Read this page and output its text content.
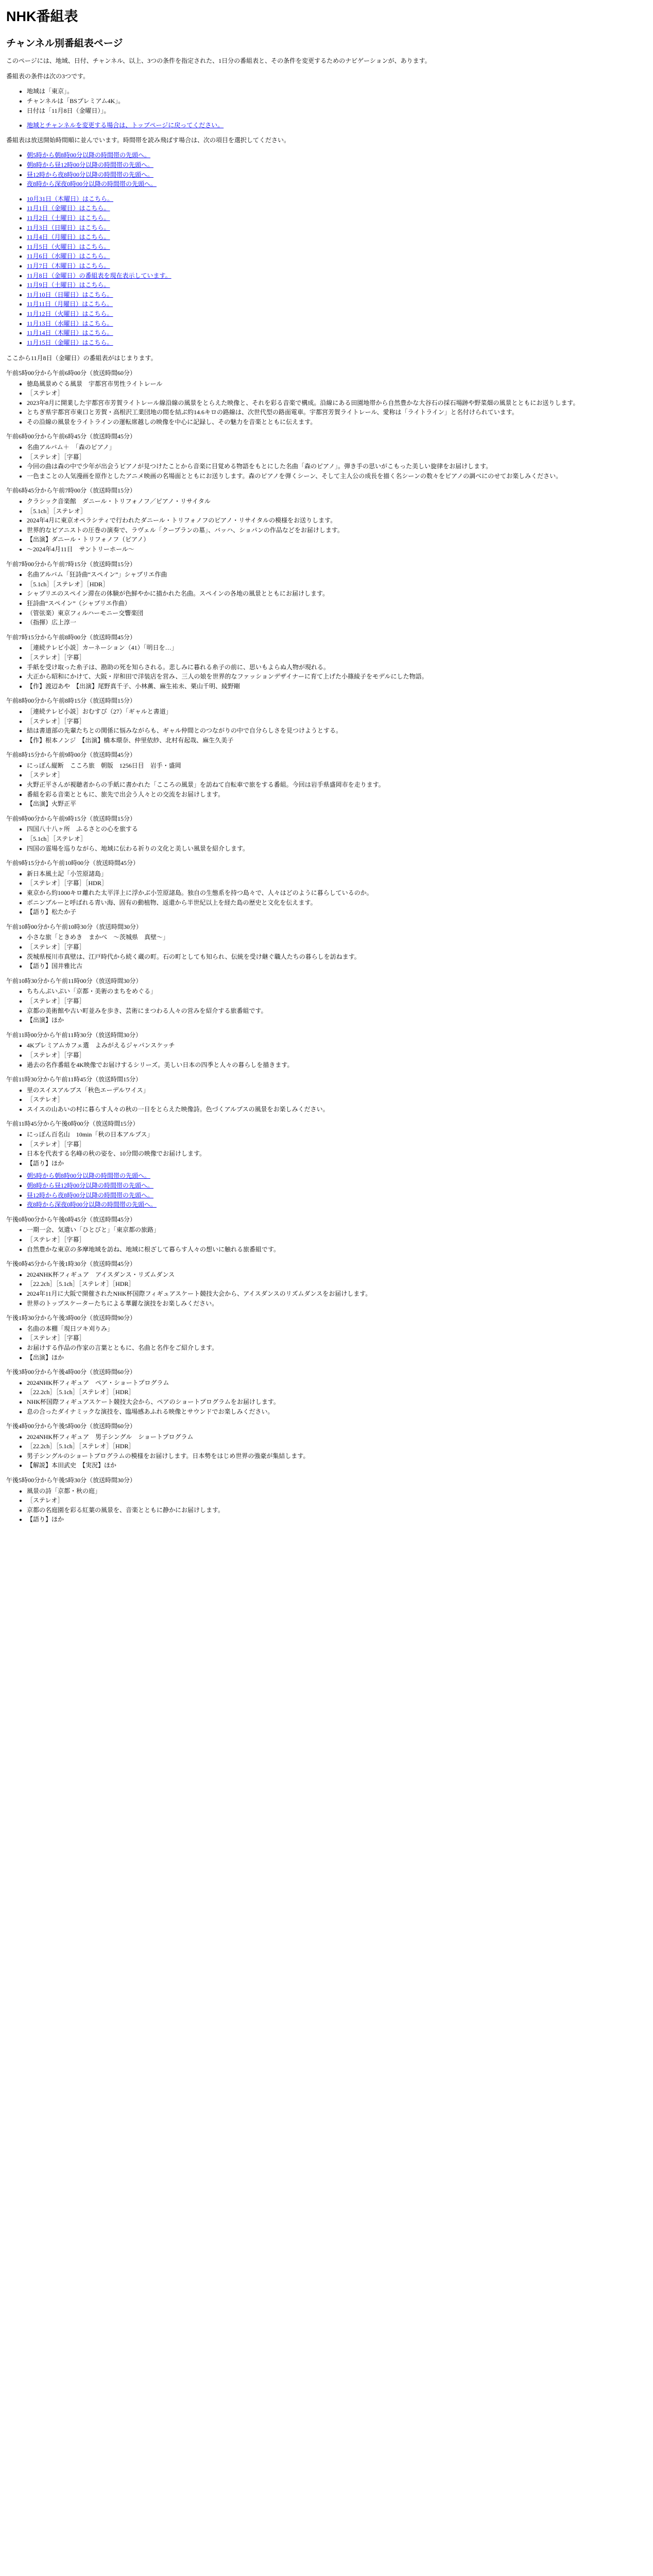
NHK番組表
チャンネル別番組表ページ

このページには、地域、日付、チャンネル、以上、3つの条件を指定された、1日分の番組表と、その条件を変更するためのナビゲーションが、あります。

番組表の条件は次の3つです。

• 地域は「東京」。
• チャンネルは「BSプレミアム4K」。
• 日付は「11月8日（金曜日）」。
• 地域とチャンネルを変更する場合は、トップページに戻ってください。

番組表は放送開始時間順に並んでいます。時間帯を読み飛ばす場合は、次の項目を選択してください。

• 朝5時から朝8時00分以降の時間帯の先頭へ。
• 朝8時から昼12時00分以降の時間帯の先頭へ。
• 昼12時から夜8時00分以降の時間帯の先頭へ。
• 夜8時から深夜0時00分以降の時間帯の先頭へ。
• 10月31日（木曜日）はこちら。
• 11月1日（金曜日）はこちら。
• 11月2日（土曜日）はこちら。
• 11月3日（日曜日）はこちら。
• 11月4日（月曜日）はこちら。
• 11月5日（火曜日）はこちら。
• 11月6日（水曜日）はこちら。
• 11月7日（木曜日）はこちら。
• 11月8日（金曜日）の番組表を現在表示しています。
• 11月9日（土曜日）はこちら。
• 11月10日（日曜日）はこちら。
• 11月11日（月曜日）はこちら。
• 11月12日（火曜日）はこちら。
• 11月13日（水曜日）はこちら。
• 11月14日（木曜日）はこちら。
• 11月15日（金曜日）はこちら。

ここから11月8日（金曜日）の番組表がはじまります。

午前5時00分から午前6時00分（放送時間60分）

• 徳島風景めぐる風景　宇都宮市男性ライトレール
• ［ステレオ］
• 2023年8月に開業した宇都宮市芳賀ライトレール線沿線の風景をとらえた映像と、それを彩る音楽で構成。沿線にある田園地帯から自然豊かな大谷石の採石場跡や野菜畑の風景とともにお送りします。
• とちぎ県宇都宮市東口と芳賀・高根沢工業団地の間を結ぶ約14.6キロの路線は、次世代型の路面電車。宇都宮芳賀ライトレール、愛称は「ライトライン」と名付けられています。
• その沿線の風景をライトラインの運転席越しの映像を中心に記録し、その魅力を音楽とともに伝えます。

午前6時00分から午前6時45分（放送時間45分）

• 名曲アルバム＋　「森のピアノ」
• ［ステレオ］［字幕］
• 今回の曲は森の中で少年が出会うピアノが見つけたことから音楽に目覚める物語をもとにした名曲「森のピアノ」。弾き手の思いがこもった美しい旋律をお届けします。
• 一色まことの人気漫画を原作としたアニメ映画の名場面とともにお送りします。森のピアノを弾くシーン、そして主人公の成長を描く名シーンの数々をピアノの調べにのせてお楽しみください。

午前6時45分から午前7時00分（放送時間15分）

• クラシック音楽館　ダニール・トリフォノフ／ピアノ・リサイタル
• ［5.1ch］［ステレオ］
• 2024年4月に東京オペラシティで行われたダニール・トリフォノフのピアノ・リサイタルの模様をお送りします。
• 世界的なピアニストの圧巻の演奏で、ラヴェル「クープランの墓」、バッハ、ショパンの作品などをお届けします。
• 【出演】ダニール・トリフォノフ（ピアノ）
• 〜2024年4月11日　サントリーホール〜

午前7時00分から午前7時15分（放送時間15分）

• 名曲アルバム「狂詩曲“スペイン”」シャブリエ作曲
• ［5.1ch］［ステレオ］［HDR］
• シャブリエのスペイン滞在の体験が色鮮やかに描かれた名曲。スペインの各地の風景とともにお届けします。
• 狂詩曲“スペイン”（シャブリエ作曲）
• （管弦楽）東京フィルハーモニー交響楽団
• （指揮）広上淳一

午前7時15分から午前8時00分（放送時間45分）

• ［連続テレビ小説］カーネーション（41）「明日を…」
• ［ステレオ］［字幕］
• 手紙を受け取った糸子は、勘助の死を知らされる。悲しみに暮れる糸子の前に、思いもよらぬ人物が現れる。
• 大正から昭和にかけて、大阪・岸和田で洋装店を営み、三人の娘を世界的なファッションデザイナーに育て上げた小篠綾子をモデルにした物語。
• 【作】渡辺あや　【出演】尾野真千子、小林薫、麻生祐未、栗山千明、綾野剛

午前8時00分から午前8時15分（放送時間15分）

• ［連続テレビ小説］おむすび（27）「ギャルと書道」
• ［ステレオ］［字幕］
• 結は書道部の先輩たちとの関係に悩みながらも、ギャル仲間とのつながりの中で自分らしさを見つけようとする。
• 【作】根本ノンジ　【出演】橋本環奈、仲里依紗、北村有起哉、麻生久美子

午前8時15分から午前9時00分（放送時間45分）

• にっぽん縦断　こころ旅　朝版　1256日目　岩手・盛岡
• ［ステレオ］
• 火野正平さんが視聴者からの手紙に書かれた「こころの風景」を訪ねて自転車で旅をする番組。今回は岩手県盛岡市を走ります。
• 番組を彩る音楽とともに、旅先で出会う人々との交流をお届けします。
• 【出演】火野正平

午前9時00分から午前9時15分（放送時間15分）

• 四国八十八ヶ所　ふるさとの心を旅する
• ［5.1ch］［ステレオ］
• 四国の霊場を巡りながら、地域に伝わる祈りの文化と美しい風景を紹介します。

午前9時15分から午前10時00分（放送時間45分）

• 新日本風土記「小笠原諸島」
• ［ステレオ］［字幕］［HDR］
• 東京から約1000キロ離れた太平洋上に浮かぶ小笠原諸島。独自の生態系を持つ島々で、人々はどのように暮らしているのか。
• ボニンブルーと呼ばれる青い海、固有の動植物、返還から半世紀以上を経た島の歴史と文化を伝えます。
• 【語り】松たか子

午前10時00分から午前10時30分（放送時間30分）

• 小さな旅「ときめき　まかべ　〜茨城県　真壁〜」
• ［ステレオ］［字幕］
• 茨城県桜川市真壁は、江戸時代から続く蔵の町。石の町としても知られ、伝統を受け継ぐ職人たちの暮らしを訪ねます。
• 【語り】国井雅比古

午前10時30分から午前11時00分（放送時間30分）

• ちちんぷいぷい「京都・美術のまちをめぐる」
• ［ステレオ］［字幕］
• 京都の美術館や古い町並みを歩き、芸術にまつわる人々の営みを紹介する旅番組です。
• 【出演】ほか

午前11時00分から午前11時30分（放送時間30分）

• 4Kプレミアムカフェ選　よみがえるジャパンスケッチ
• ［ステレオ］［字幕］
• 過去の名作番組を4K映像でお届けするシリーズ。美しい日本の四季と人々の暮らしを描きます。

午前11時30分から午前11時45分（放送時間15分）

• 里のスイスアルプス「秋色エーデルワイス」
• ［ステレオ］
• スイスの山あいの村に暮らす人々の秋の一日をとらえた映像詩。色づくアルプスの風景をお楽しみください。

午前11時45分から午後0時00分（放送時間15分）

• にっぽん百名山　10min「秋の日本アルプス」
• ［ステレオ］［字幕］
• 日本を代表する名峰の秋の姿を、10分間の映像でお届けします。
• 【語り】ほか
• 朝5時から朝8時00分以降の時間帯の先頭へ。
• 朝8時から昼12時00分以降の時間帯の先頭へ。
• 昼12時から夜8時00分以降の時間帯の先頭へ。
• 夜8時から深夜0時00分以降の時間帯の先頭へ。

午後0時00分から午後0時45分（放送時間45分）

• 一期一会、気遣い「ひとびと」「東京都の旅路」
• ［ステレオ］［字幕］
• 自然豊かな東京の多摩地域を訪ね、地域に根ざして暮らす人々の想いに触れる旅番組です。

午後0時45分から午後1時30分（放送時間45分）

• 2024NHK杯フィギュア　アイスダンス・リズムダンス
• ［22.2ch］［5.1ch］［ステレオ］［HDR］
• 2024年11月に大阪で開催されたNHK杯国際フィギュアスケート競技大会から、アイスダンスのリズムダンスをお届けします。
• 世界のトップスケーターたちによる華麗な演技をお楽しみください。

午後1時30分から午後3時00分（放送時間90分）

• 名曲の本棚「現日ツキ刈りみ」
• ［ステレオ］［字幕］
• お届けする作品の作家の言葉とともに、名曲と名作をご紹介します。
• 【出演】ほか

午後3時00分から午後4時00分（放送時間60分）

• 2024NHK杯フィギュア　ペア・ショートプログラム
• ［22.2ch］［5.1ch］［ステレオ］［HDR］
• NHK杯国際フィギュアスケート競技大会から、ペアのショートプログラムをお届けします。
• 息の合ったダイナミックな演技を、臨場感あふれる映像とサウンドでお楽しみください。

午後4時00分から午後5時00分（放送時間60分）

• 2024NHK杯フィギュア　男子シングル　ショートプログラム
• ［22.2ch］［5.1ch］［ステレオ］［HDR］
• 男子シングルのショートプログラムの模様をお届けします。日本勢をはじめ世界の強豪が集結します。
• 【解説】本田武史　【実況】ほか

午後5時00分から午後5時30分（放送時間30分）

• 風景の詩「京都・秋の庭」
• ［ステレオ］
• 京都の名庭園を彩る紅葉の風景を、音楽とともに静かにお届けします。
• 【語り】ほか
